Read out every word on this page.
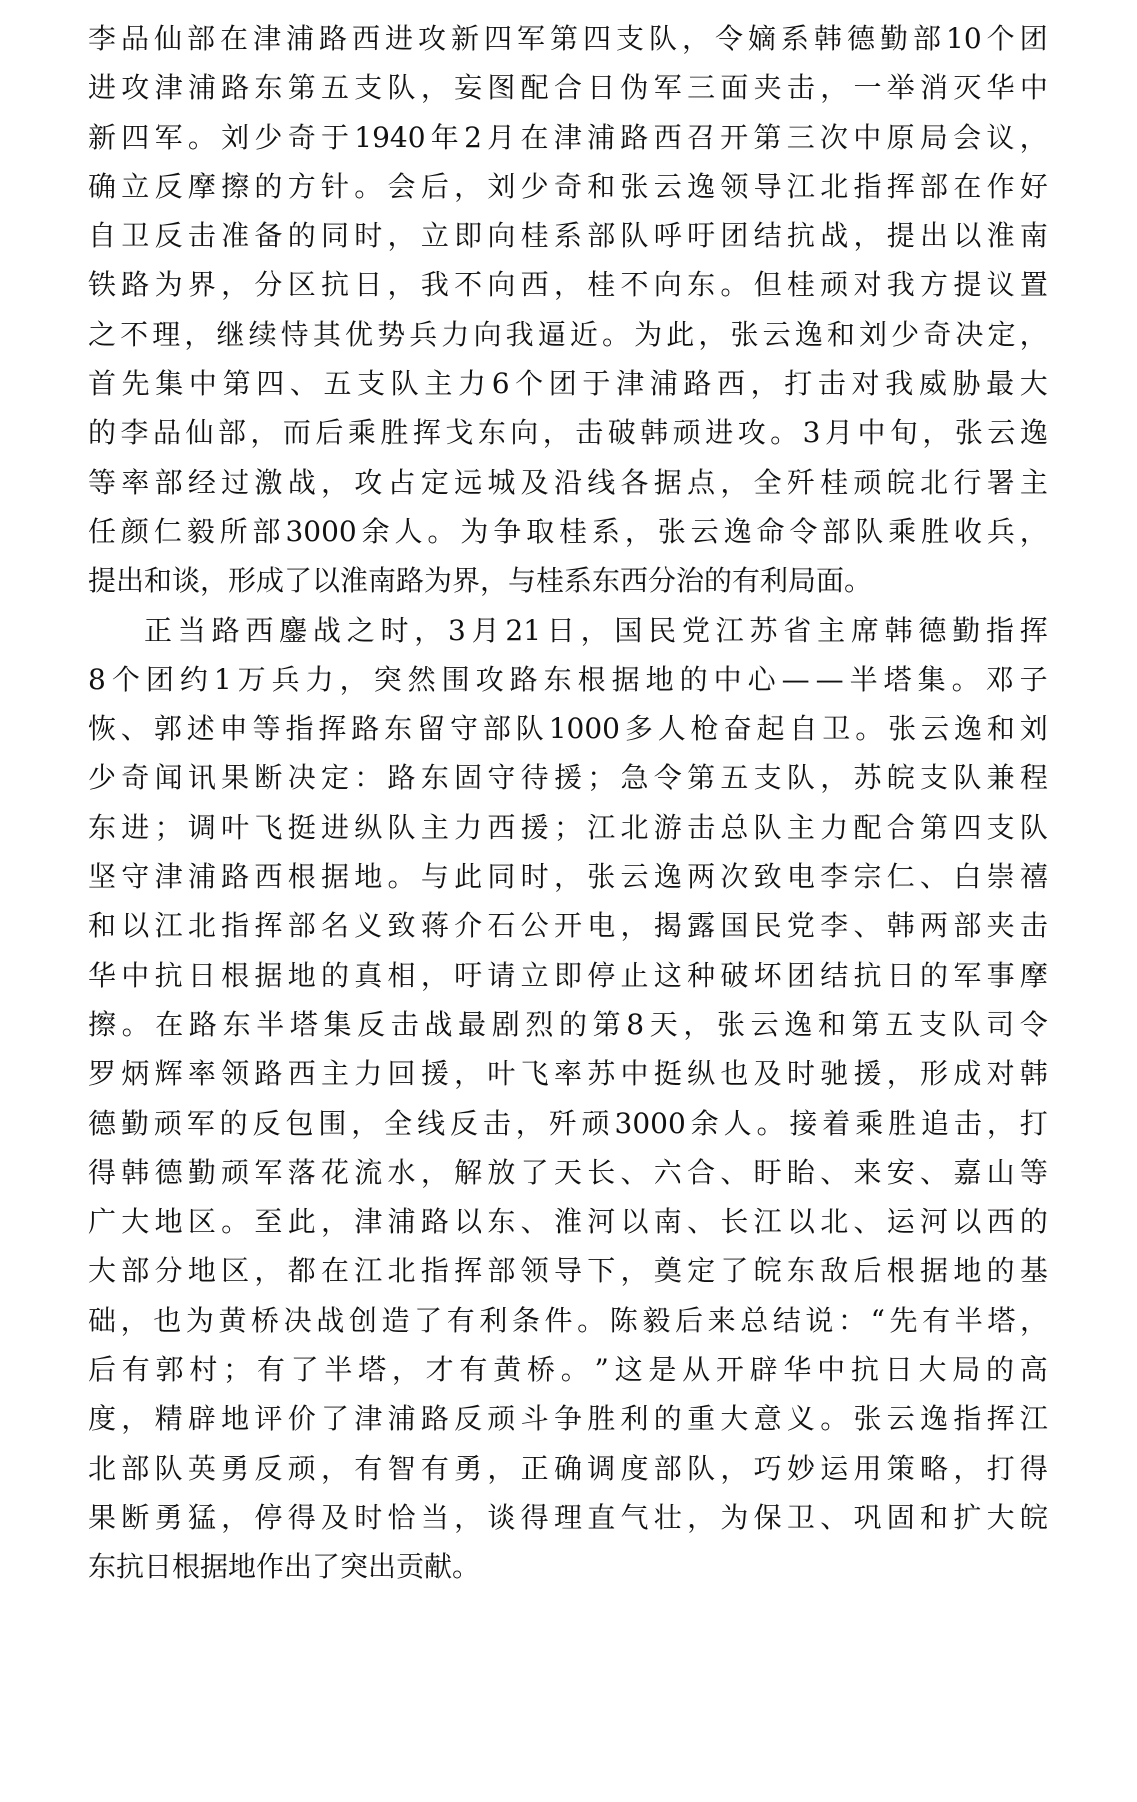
李 品 仙 部 在 津 浦 路 西 进 攻 新 四 军 第 四 支 队 ， 令 嫡 系 韩 德 勤 部 10 个 团
进 攻 津 浦 路 东 第 五 支 队 ， 妄 图 配 合 日 伪 军 三 面 夹 击 ， 一 举 消 灭 华 中
新 四 军 。 刘 少 奇 于 1940 年 2 月 在 津 浦 路 西 召 开 第 三 次 中 原 局 会 议 ，
确 立 反 摩 擦 的 方 针 。 会 后 ， 刘 少 奇 和 张 云 逸 领 导 江 北 指 挥 部 在 作 好
自 卫 反 击 准 备 的 同 时 ， 立 即 向 桂 系 部 队 呼 吁 团 结 抗 战 ， 提 出 以 淮 南
铁 路 为 界 ， 分 区 抗 日 ， 我 不 向 西 ， 桂 不 向 东 。 但 桂 顽 对 我 方 提 议 置
之 不 理 ， 继 续 恃 其 优 势 兵 力 向 我 逼 近 。 为 此 ， 张 云 逸 和 刘 少 奇 决 定 ，
首 先 集 中 第 四 、 五 支 队 主 力 6 个 团 于 津 浦 路 西 ， 打 击 对 我 威 胁 最 大
的 李 品 仙 部 ， 而 后 乘 胜 挥 戈 东 向 ， 击 破 韩 顽 进 攻 。 3 月 中 旬 ， 张 云 逸
等 率 部 经 过 激 战 ， 攻 占 定 远 城 及 沿 线 各 据 点 ， 全 歼 桂 顽 皖 北 行 署 主
任 颜 仁 毅 所 部 3000 余 人 。 为 争 取 桂 系 ， 张 云 逸 命 令 部 队 乘 胜 收 兵 ，
提出和谈，形成了以淮南路为界，与桂系东西分治的有利局面。
正 当 路 西 鏖 战 之 时 ， 3 月 21 日 ， 国 民 党 江 苏 省 主 席 韩 德 勤 指 挥
8 个 团 约 1 万 兵 力 ， 突 然 围 攻 路 东 根 据 地 的 中 心 — — 半 塔 集 。 邓 子
恢 、 郭 述 申 等 指 挥 路 东 留 守 部 队 1000 多 人 枪 奋 起 自 卫 。 张 云 逸 和 刘
少 奇 闻 讯 果 断 决 定 ： 路 东 固 守 待 援 ； 急 令 第 五 支 队 ， 苏 皖 支 队 兼 程
东 进 ； 调 叶 飞 挺 进 纵 队 主 力 西 援 ； 江 北 游 击 总 队 主 力 配 合 第 四 支 队
坚 守 津 浦 路 西 根 据 地 。 与 此 同 时 ， 张 云 逸 两 次 致 电 李 宗 仁 、 白 崇 禧
和 以 江 北 指 挥 部 名 义 致 蒋 介 石 公 开 电 ， 揭 露 国 民 党 李 、 韩 两 部 夹 击
华 中 抗 日 根 据 地 的 真 相 ， 吁 请 立 即 停 止 这 种 破 坏 团 结 抗 日 的 军 事 摩
擦 。 在 路 东 半 塔 集 反 击 战 最 剧 烈 的 第 8 天 ， 张 云 逸 和 第 五 支 队 司 令
罗 炳 辉 率 领 路 西 主 力 回 援 ， 叶 飞 率 苏 中 挺 纵 也 及 时 驰 援 ， 形 成 对 韩
德 勤 顽 军 的 反 包 围 ， 全 线 反 击 ， 歼 顽 3000 余 人 。 接 着 乘 胜 追 击 ， 打
得 韩 德 勤 顽 军 落 花 流 水 ， 解 放 了 天 长 、 六 合 、 盱 眙 、 来 安 、 嘉 山 等
广 大 地 区 。 至 此 ， 津 浦 路 以 东 、 淮 河 以 南 、 长 江 以 北 、 运 河 以 西 的
大 部 分 地 区 ， 都 在 江 北 指 挥 部 领 导 下 ， 奠 定 了 皖 东 敌 后 根 据 地 的 基
础 ， 也 为 黄 桥 决 战 创 造 了 有 利 条 件 。 陈 毅 后 来 总 结 说 ： “ 先 有 半 塔 ，
后 有 郭 村 ； 有 了 半 塔 ， 才 有 黄 桥 。 ” 这 是 从 开 辟 华 中 抗 日 大 局 的 高
度 ， 精 辟 地 评 价 了 津 浦 路 反 顽 斗 争 胜 利 的 重 大 意 义 。 张 云 逸 指 挥 江
北 部 队 英 勇 反 顽 ， 有 智 有 勇 ， 正 确 调 度 部 队 ， 巧 妙 运 用 策 略 ， 打 得
果 断 勇 猛 ， 停 得 及 时 恰 当 ， 谈 得 理 直 气 壮 ， 为 保 卫 、 巩 固 和 扩 大 皖
东抗日根据地作出了突出贡献。
